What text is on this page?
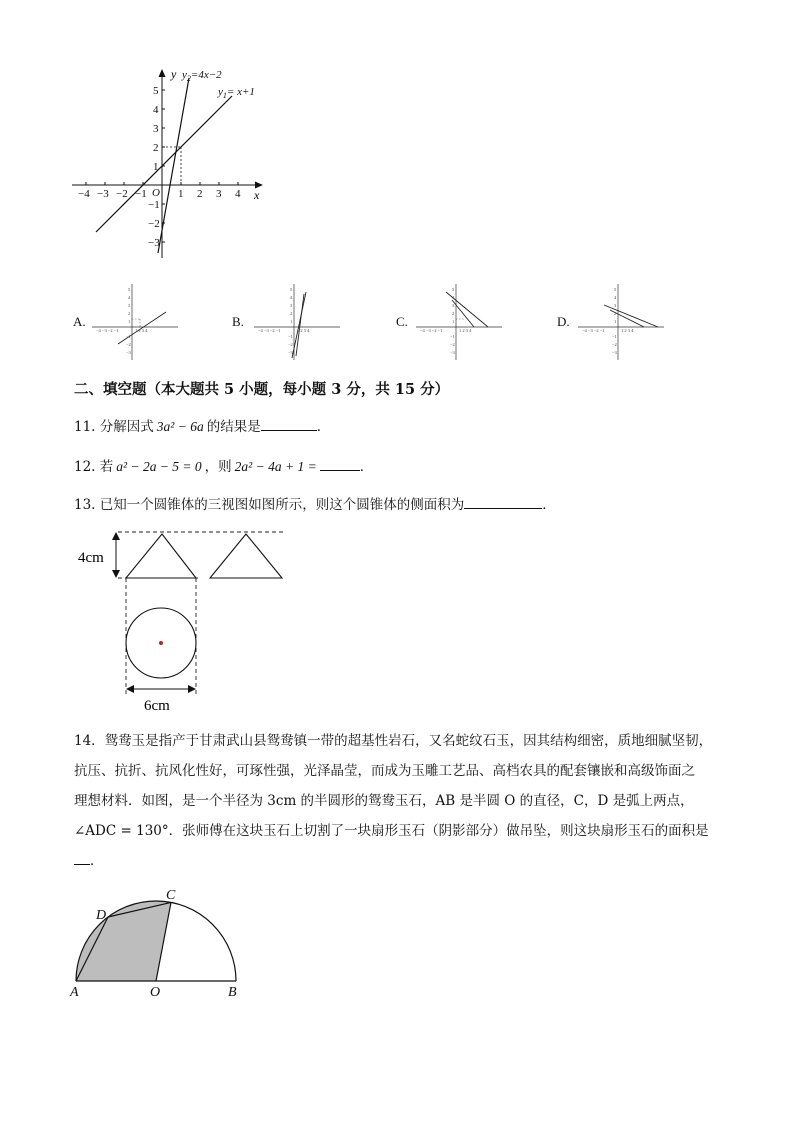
−4 −3 −2 −1	1 2 3 4
5
4
3
2
1
−1
−2
−3
O	x
y $y_2=4x-2$
$y_1= x+1$
A.	B.	C.	D.
−4 −3 −2 −1	1 2 3 4
5
4
3
2
1
−1
−2
−3
−4 −3 −2 −1	1 2 3 4
5
4
3
2
1
−1
−2
−3
−4 −3 −2 −1	1 2 3 4
5
4
3
2
1
−1
−2
−3
−4 −3 −2 −1	1 2 3 4
5
4
3
2
1
−1
−2
−3
二、填空题（本大题共 5 小题，每小题 3 分，共 15 分）
11. 分解因式 3a² − 6a 的结果是	．
12. 若 a² − 2a − 5 = 0 ，则 2a² − 4a + 1 =	．
13. 已知一个圆锥体的三视图如图所示，则这个圆锥体的侧面积为	．
4cm
6cm
14．鸳鸯玉是指产于甘肃武山县鸳鸯镇一带的超基性岩石，又名蛇纹石玉，因其结构细密，质地细腻坚韧，
抗压、抗折、抗风化性好，可琢性强，光泽晶莹，而成为玉雕工艺品、高档农具的配套镶嵌和高级饰面之
理想材料．如图，是一个半径为 3cm 的半圆形的鸳鸯玉石，AB 是半圆 O 的直径，C，D 是弧上两点，
∠ADC = 130°．张师傅在这块玉石上切割了一块扇形玉石（阴影部分）做吊坠，则这块扇形玉石的面积是
．
A	O	B
C
D
